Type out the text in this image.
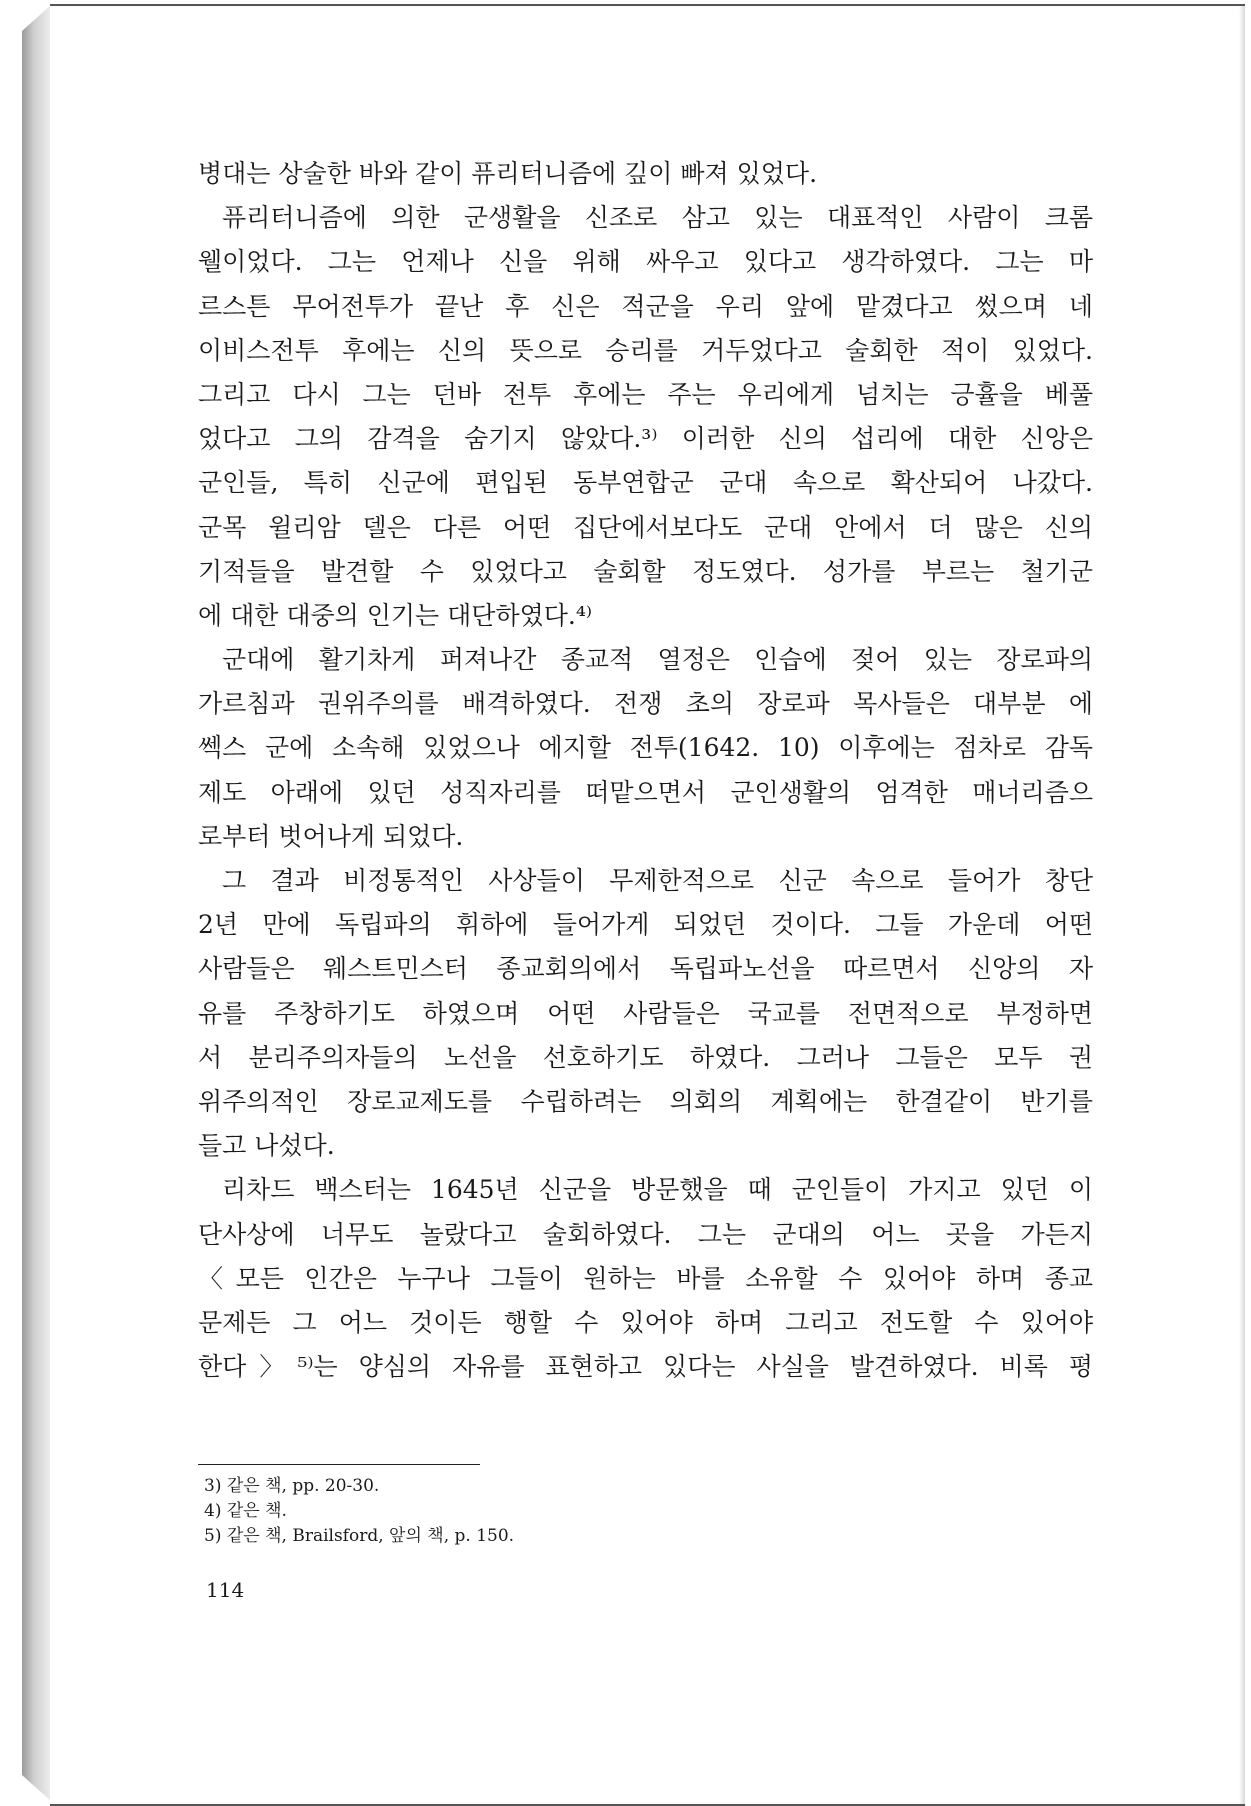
병대는 상술한 바와 같이 퓨리터니즘에 깊이 빠져 있었다.
퓨리터니즘에 의한 군생활을 신조로 삼고 있는 대표적인 사람이 크롬
웰이었다. 그는 언제나 신을 위해 싸우고 있다고 생각하였다. 그는 마
르스튼 무어전투가 끝난 후 신은 적군을 우리 앞에 맡겼다고 썼으며 네
이비스전투 후에는 신의 뜻으로 승리를 거두었다고 술회한 적이 있었다.
그리고 다시 그는 던바 전투 후에는 주는 우리에게 넘치는 긍휼을 베풀
었다고 그의 감격을 숨기지 않았다.³⁾ 이러한 신의 섭리에 대한 신앙은
군인들, 특히 신군에 편입된 동부연합군 군대 속으로 확산되어 나갔다.
군목 윌리암 델은 다른 어떤 집단에서보다도 군대 안에서 더 많은 신의
기적들을 발견할 수 있었다고 술회할 정도였다. 성가를 부르는 철기군
에 대한 대중의 인기는 대단하였다.⁴⁾
군대에 활기차게 퍼져나간 종교적 열정은 인습에 젖어 있는 장로파의
가르침과 권위주의를 배격하였다. 전쟁 초의 장로파 목사들은 대부분 에
쎅스 군에 소속해 있었으나 에지할 전투(1642. 10) 이후에는 점차로 감독
제도 아래에 있던 성직자리를 떠맡으면서 군인생활의 엄격한 매너리즘으
로부터 벗어나게 되었다.
그 결과 비정통적인 사상들이 무제한적으로 신군 속으로 들어가 창단
2년 만에 독립파의 휘하에 들어가게 되었던 것이다. 그들 가운데 어떤
사람들은 웨스트민스터 종교회의에서 독립파노선을 따르면서 신앙의 자
유를 주창하기도 하였으며 어떤 사람들은 국교를 전면적으로 부정하면
서 분리주의자들의 노선을 선호하기도 하였다. 그러나 그들은 모두 권
위주의적인 장로교제도를 수립하려는 의회의 계획에는 한결같이 반기를
들고 나섰다.
리차드 백스터는 1645년 신군을 방문했을 때 군인들이 가지고 있던 이
단사상에 너무도 놀랐다고 술회하였다. 그는 군대의 어느 곳을 가든지
〈모든 인간은 누구나 그들이 원하는 바를 소유할 수 있어야 하며 종교
문제든 그 어느 것이든 행할 수 있어야 하며 그리고 전도할 수 있어야
한다〉⁵⁾는 양심의 자유를 표현하고 있다는 사실을 발견하였다. 비록 평
3) 같은 책, pp. 20-30.
4) 같은 책.
5) 같은 책, Brailsford, 앞의 책, p. 150.
114
